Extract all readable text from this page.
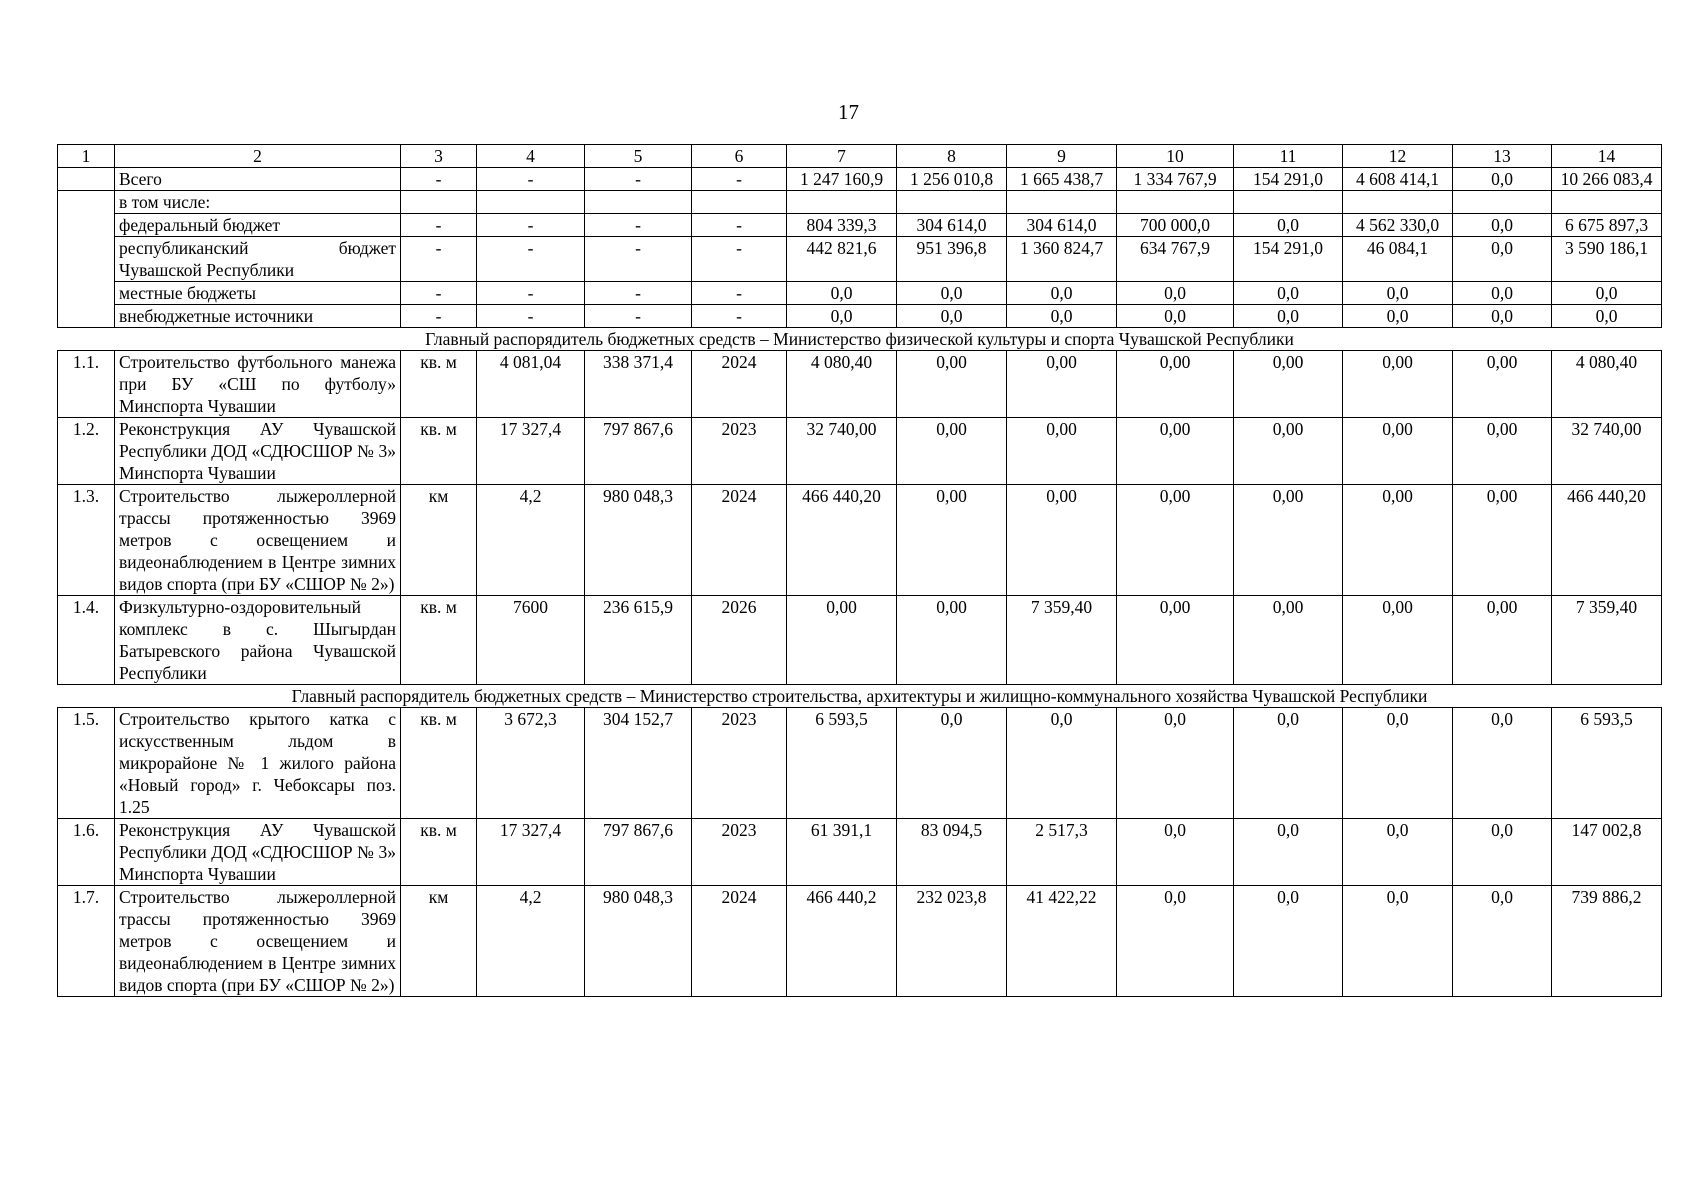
17
1	2	3	4	5	6	7	8	9	10	11	12	13	14
	Всего	-	-	-	-	1 247 160,9	1 256 010,8	1 665 438,7	1 334 767,9	154 291,0	4 608 414,1	0,0	10 266 083,4
	в том числе:												
	федеральный бюджет	-	-	-	-	804 339,3	304 614,0	304 614,0	700 000,0	0,0	4 562 330,0	0,0	6 675 897,3
	республиканский бюджет Чувашской Республики	-	-	-	-	442 821,6	951 396,8	1 360 824,7	634 767,9	154 291,0	46 084,1	0,0	3 590 186,1
	местные бюджеты	-	-	-	-	0,0	0,0	0,0	0,0	0,0	0,0	0,0	0,0
	внебюджетные источники	-	-	-	-	0,0	0,0	0,0	0,0	0,0	0,0	0,0	0,0
Главный распорядитель бюджетных средств – Министерство физической культуры и спорта Чувашской Республики													
1.1.	Строительство футбольного манежа при БУ «СШ по футболу» Минспорта Чувашии	кв. м	4 081,04	338 371,4	2024	4 080,40	0,00	0,00	0,00	0,00	0,00	0,00	4 080,40
1.2.	Реконструкция АУ Чувашской Республики ДОД «СДЮСШОР № 3» Минспорта Чувашии	кв. м	17 327,4	797 867,6	2023	32 740,00	0,00	0,00	0,00	0,00	0,00	0,00	32 740,00
1.3.	Строительство лыжероллерной трассы протяженностью 3969 метров с освещением и видеонаблюдением в Центре зимних видов спорта (при БУ «СШОР № 2»)	км	4,2	980 048,3	2024	466 440,20	0,00	0,00	0,00	0,00	0,00	0,00	466 440,20
1.4.	Физкультурно-оздоровительный комплекс в с. Шыгырдан Батыревского района Чувашской Республики	кв. м	7600	236 615,9	2026	0,00	0,00	7 359,40	0,00	0,00	0,00	0,00	7 359,40
Главный распорядитель бюджетных средств – Министерство строительства, архитектуры и жилищно-коммунального хозяйства Чувашской Республики													
1.5.	Строительство крытого катка с искусственным льдом в микрорайоне № 1 жилого района «Новый город» г. Чебоксары поз. 1.25	кв. м	3 672,3	304 152,7	2023	6 593,5	0,0	0,0	0,0	0,0	0,0	0,0	6 593,5
1.6.	Реконструкция АУ Чувашской Республики ДОД «СДЮСШОР № 3» Минспорта Чувашии	кв. м	17 327,4	797 867,6	2023	61 391,1	83 094,5	2 517,3	0,0	0,0	0,0	0,0	147 002,8
1.7.	Строительство лыжероллерной трассы протяженностью 3969 метров с освещением и видеонаблюдением в Центре зимних видов спорта (при БУ «СШОР № 2»)	км	4,2	980 048,3	2024	466 440,2	232 023,8	41 422,22	0,0	0,0	0,0	0,0	739 886,2
